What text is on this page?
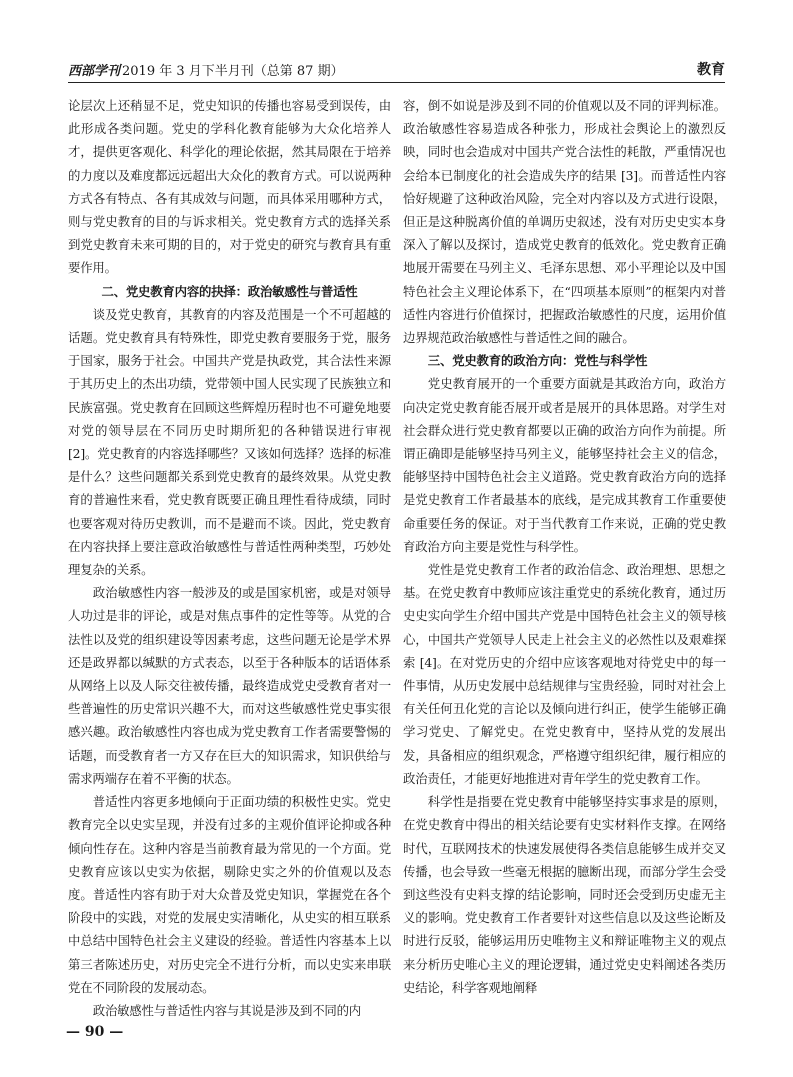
西部学刊 2019 年 3 月下半月刊（总第 87 期）	教育

论层次上还稍显不足，党史知识的传播也容易受到误传，由此形成各类问题。党史的学科化教育能够为大众化培养人才，提供更客观化、科学化的理论依据，然其局限在于培养的力度以及难度都远远超出大众化的教育方式。可以说两种方式各有特点、各有其成效与问题，而具体采用哪种方式，则与党史教育的目的与诉求相关。党史教育方式的选择关系到党史教育未来可期的目的，对于党史的研究与教育具有重要作用。

二、党史教育内容的抉择：政治敏感性与普适性

谈及党史教育，其教育的内容及范围是一个不可超越的话题。党史教育具有特殊性，即党史教育要服务于党，服务于国家，服务于社会。中国共产党是执政党，其合法性来源于其历史上的杰出功绩，党带领中国人民实现了民族独立和民族富强。党史教育在回顾这些辉煌历程时也不可避免地要对党的领导层在不同历史时期所犯的各种错误进行审视 [2]。党史教育的内容选择哪些？又该如何选择？选择的标准是什么？这些问题都关系到党史教育的最终效果。从党史教育的普遍性来看，党史教育既要正确且理性看待成绩，同时也要客观对待历史教训，而不是避而不谈。因此，党史教育在内容抉择上要注意政治敏感性与普适性两种类型，巧妙处理复杂的关系。

政治敏感性内容一般涉及的或是国家机密，或是对领导人功过是非的评论，或是对焦点事件的定性等等。从党的合法性以及党的组织建设等因素考虑，这些问题无论是学术界还是政界都以缄默的方式表态，以至于各种版本的话语体系从网络上以及人际交往被传播，最终造成党史受教育者对一些普遍性的历史常识兴趣不大，而对这些敏感性党史事实很感兴趣。政治敏感性内容也成为党史教育工作者需要警惕的话题，而受教育者一方又存在巨大的知识需求，知识供给与需求两端存在着不平衡的状态。

普适性内容更多地倾向于正面功绩的积极性史实。党史教育完全以史实呈现，并没有过多的主观价值评论抑或各种倾向性存在。这种内容是当前教育最为常见的一个方面。党史教育应该以史实为依据，剔除史实之外的价值观以及态度。普适性内容有助于对大众普及党史知识，掌握党在各个阶段中的实践，对党的发展史实清晰化，从史实的相互联系中总结中国特色社会主义建设的经验。普适性内容基本上以第三者陈述历史，对历史完全不进行分析，而以史实来串联党在不同阶段的发展动态。

政治敏感性与普适性内容与其说是涉及到不同的内

容，倒不如说是涉及到不同的价值观以及不同的评判标准。政治敏感性容易造成各种张力，形成社会舆论上的激烈反映，同时也会造成对中国共产党合法性的耗散，严重情况也会给本已制度化的社会造成失序的结果 [3]。而普适性内容恰好规避了这种政治风险，完全对内容以及方式进行设限，但正是这种脱离价值的单调历史叙述，没有对历史史实本身深入了解以及探讨，造成党史教育的低效化。党史教育正确地展开需要在马列主义、毛泽东思想、邓小平理论以及中国特色社会主义理论体系下，在“四项基本原则”的框架内对普适性内容进行价值探讨，把握政治敏感性的尺度，运用价值边界规范政治敏感性与普适性之间的融合。

三、党史教育的政治方向：党性与科学性

党史教育展开的一个重要方面就是其政治方向，政治方向决定党史教育能否展开或者是展开的具体思路。对学生对社会群众进行党史教育都要以正确的政治方向作为前提。所谓正确即是能够坚持马列主义，能够坚持社会主义的信念，能够坚持中国特色社会主义道路。党史教育政治方向的选择是党史教育工作者最基本的底线，是完成其教育工作重要使命重要任务的保证。对于当代教育工作来说，正确的党史教育政治方向主要是党性与科学性。

党性是党史教育工作者的政治信念、政治理想、思想之基。在党史教育中教师应该注重党史的系统化教育，通过历史史实向学生介绍中国共产党是中国特色社会主义的领导核心，中国共产党领导人民走上社会主义的必然性以及艰难探索 [4]。在对党历史的介绍中应该客观地对待党史中的每一件事情，从历史发展中总结规律与宝贵经验，同时对社会上有关任何丑化党的言论以及倾向进行纠正，使学生能够正确学习党史、了解党史。在党史教育中，坚持从党的发展出发，具备相应的组织观念，严格遵守组织纪律，履行相应的政治责任，才能更好地推进对青年学生的党史教育工作。

科学性是指要在党史教育中能够坚持实事求是的原则，在党史教育中得出的相关结论要有史实材料作支撑。在网络时代，互联网技术的快速发展使得各类信息能够生成并交叉传播，也会导致一些毫无根据的臆断出现，而部分学生会受到这些没有史料支撑的结论影响，同时还会受到历史虚无主义的影响。党史教育工作者要针对这些信息以及这些论断及时进行反驳，能够运用历史唯物主义和辩证唯物主义的观点来分析历史唯心主义的理论逻辑，通过党史史料阐述各类历史结论，科学客观地阐释

— 90 —
